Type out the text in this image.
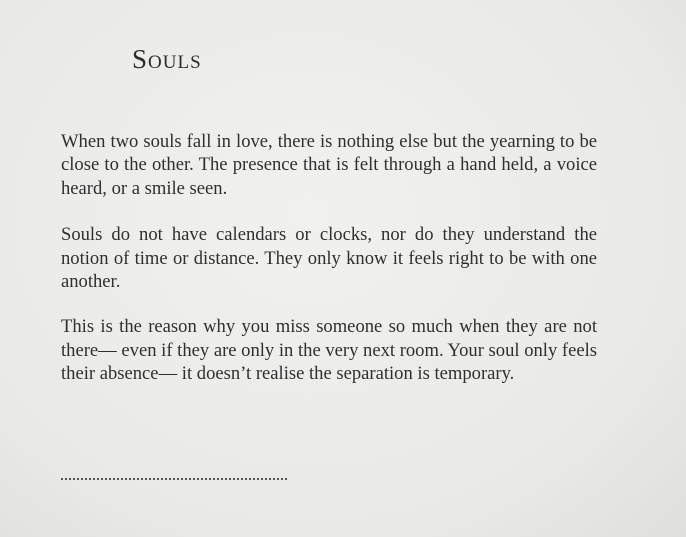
Souls

When two souls fall in love, there is nothing else but the yearning to be close to the other. The presence that is felt through a hand held, a voice heard, or a smile seen.

Souls do not have calendars or clocks, nor do they understand the notion of time or distance. They only know it feels right to be with one another.

This is the reason why you miss someone so much when they are not there— even if they are only in the very next room. Your soul only feels their absence— it doesn’t realise the separation is temporary.
